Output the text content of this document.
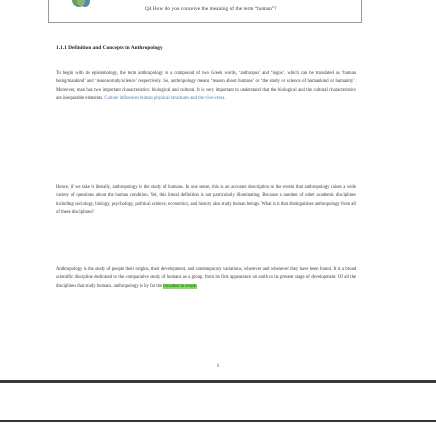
Q4 How do you conceive the meaning of the term “human”?
1.1.1 Definition and Concepts in Anthropology
To begin with its epistemology, the term anthropology is a compound of two Greek words, ‘anthropos’ and ‘logos’, which can be translated as ‘human being/mankind’ and ‘reason/study/science’ respectively. So, anthropology means ‘reason about humans’ or ‘the study or science of humankind or humanity’. Moreover, man has two important characteristics: biological and cultural. It is very important to understand that the biological and the cultural characteristics are inseparable elements. Culture influences human physical structures and the vice-versa.
Hence, if we take it literally, anthropology is the study of humans. In one sense, this is an accurate description to the extent that anthropology raises a wide variety of questions about the human condition. Yet, this literal definition is not particularly illuminating. Because a number of other academic disciplines including sociology, biology, psychology, political science, economics, and history also study human beings. What is it that distinguishes anthropology from all of these disciplines?
Anthropology is the study of people their origins, their development, and contemporary variations, wherever and whenever they have been found. It is a broad scientific discipline dedicated to the comparative study of humans as a group, from its first appearance on earth to its present stage of development. Of all the disciplines that study humans, anthropology is by far the broadest in scope.
1
